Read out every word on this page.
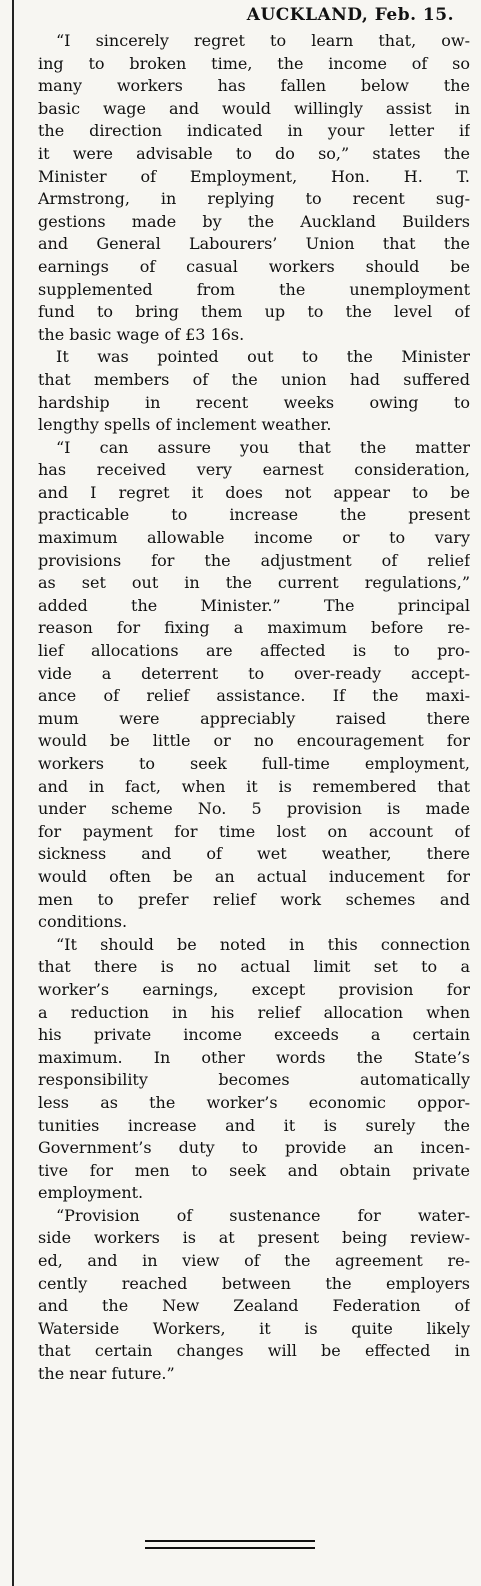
AUCKLAND, Feb. 15.
“I sincerely regret to learn that, ow-
ing to broken time, the income of so
many workers has fallen below the
basic wage and would willingly assist in
the direction indicated in your letter if
it were advisable to do so,” states the
Minister of Employment, Hon. H. T.
Armstrong, in replying to recent sug-
gestions made by the Auckland Builders
and General Labourers’ Union that the
earnings of casual workers should be
supplemented from the unemployment
fund to bring them up to the level of
the basic wage of £3 16s.
It was pointed out to the Minister
that members of the union had suffered
hardship in recent weeks owing to
lengthy spells of inclement weather.
“I can assure you that the matter
has received very earnest consideration,
and I regret it does not appear to be
practicable to increase the present
maximum allowable income or to vary
provisions for the adjustment of relief
as set out in the current regulations,”
added the Minister.” The principal
reason for fixing a maximum before re-
lief allocations are affected is to pro-
vide a deterrent to over-ready accept-
ance of relief assistance. If the maxi-
mum were appreciably raised there
would be little or no encouragement for
workers to seek full-time employment,
and in fact, when it is remembered that
under scheme No. 5 provision is made
for payment for time lost on account of
sickness and of wet weather, there
would often be an actual inducement for
men to prefer relief work schemes and
conditions.
“It should be noted in this connection
that there is no actual limit set to a
worker’s earnings, except provision for
a reduction in his relief allocation when
his private income exceeds a certain
maximum. In other words the State’s
responsibility becomes automatically
less as the worker’s economic oppor-
tunities increase and it is surely the
Government’s duty to provide an incen-
tive for men to seek and obtain private
employment.
“Provision of sustenance for water-
side workers is at present being review-
ed, and in view of the agreement re-
cently reached between the employers
and the New Zealand Federation of
Waterside Workers, it is quite likely
that certain changes will be effected in
the near future.”
